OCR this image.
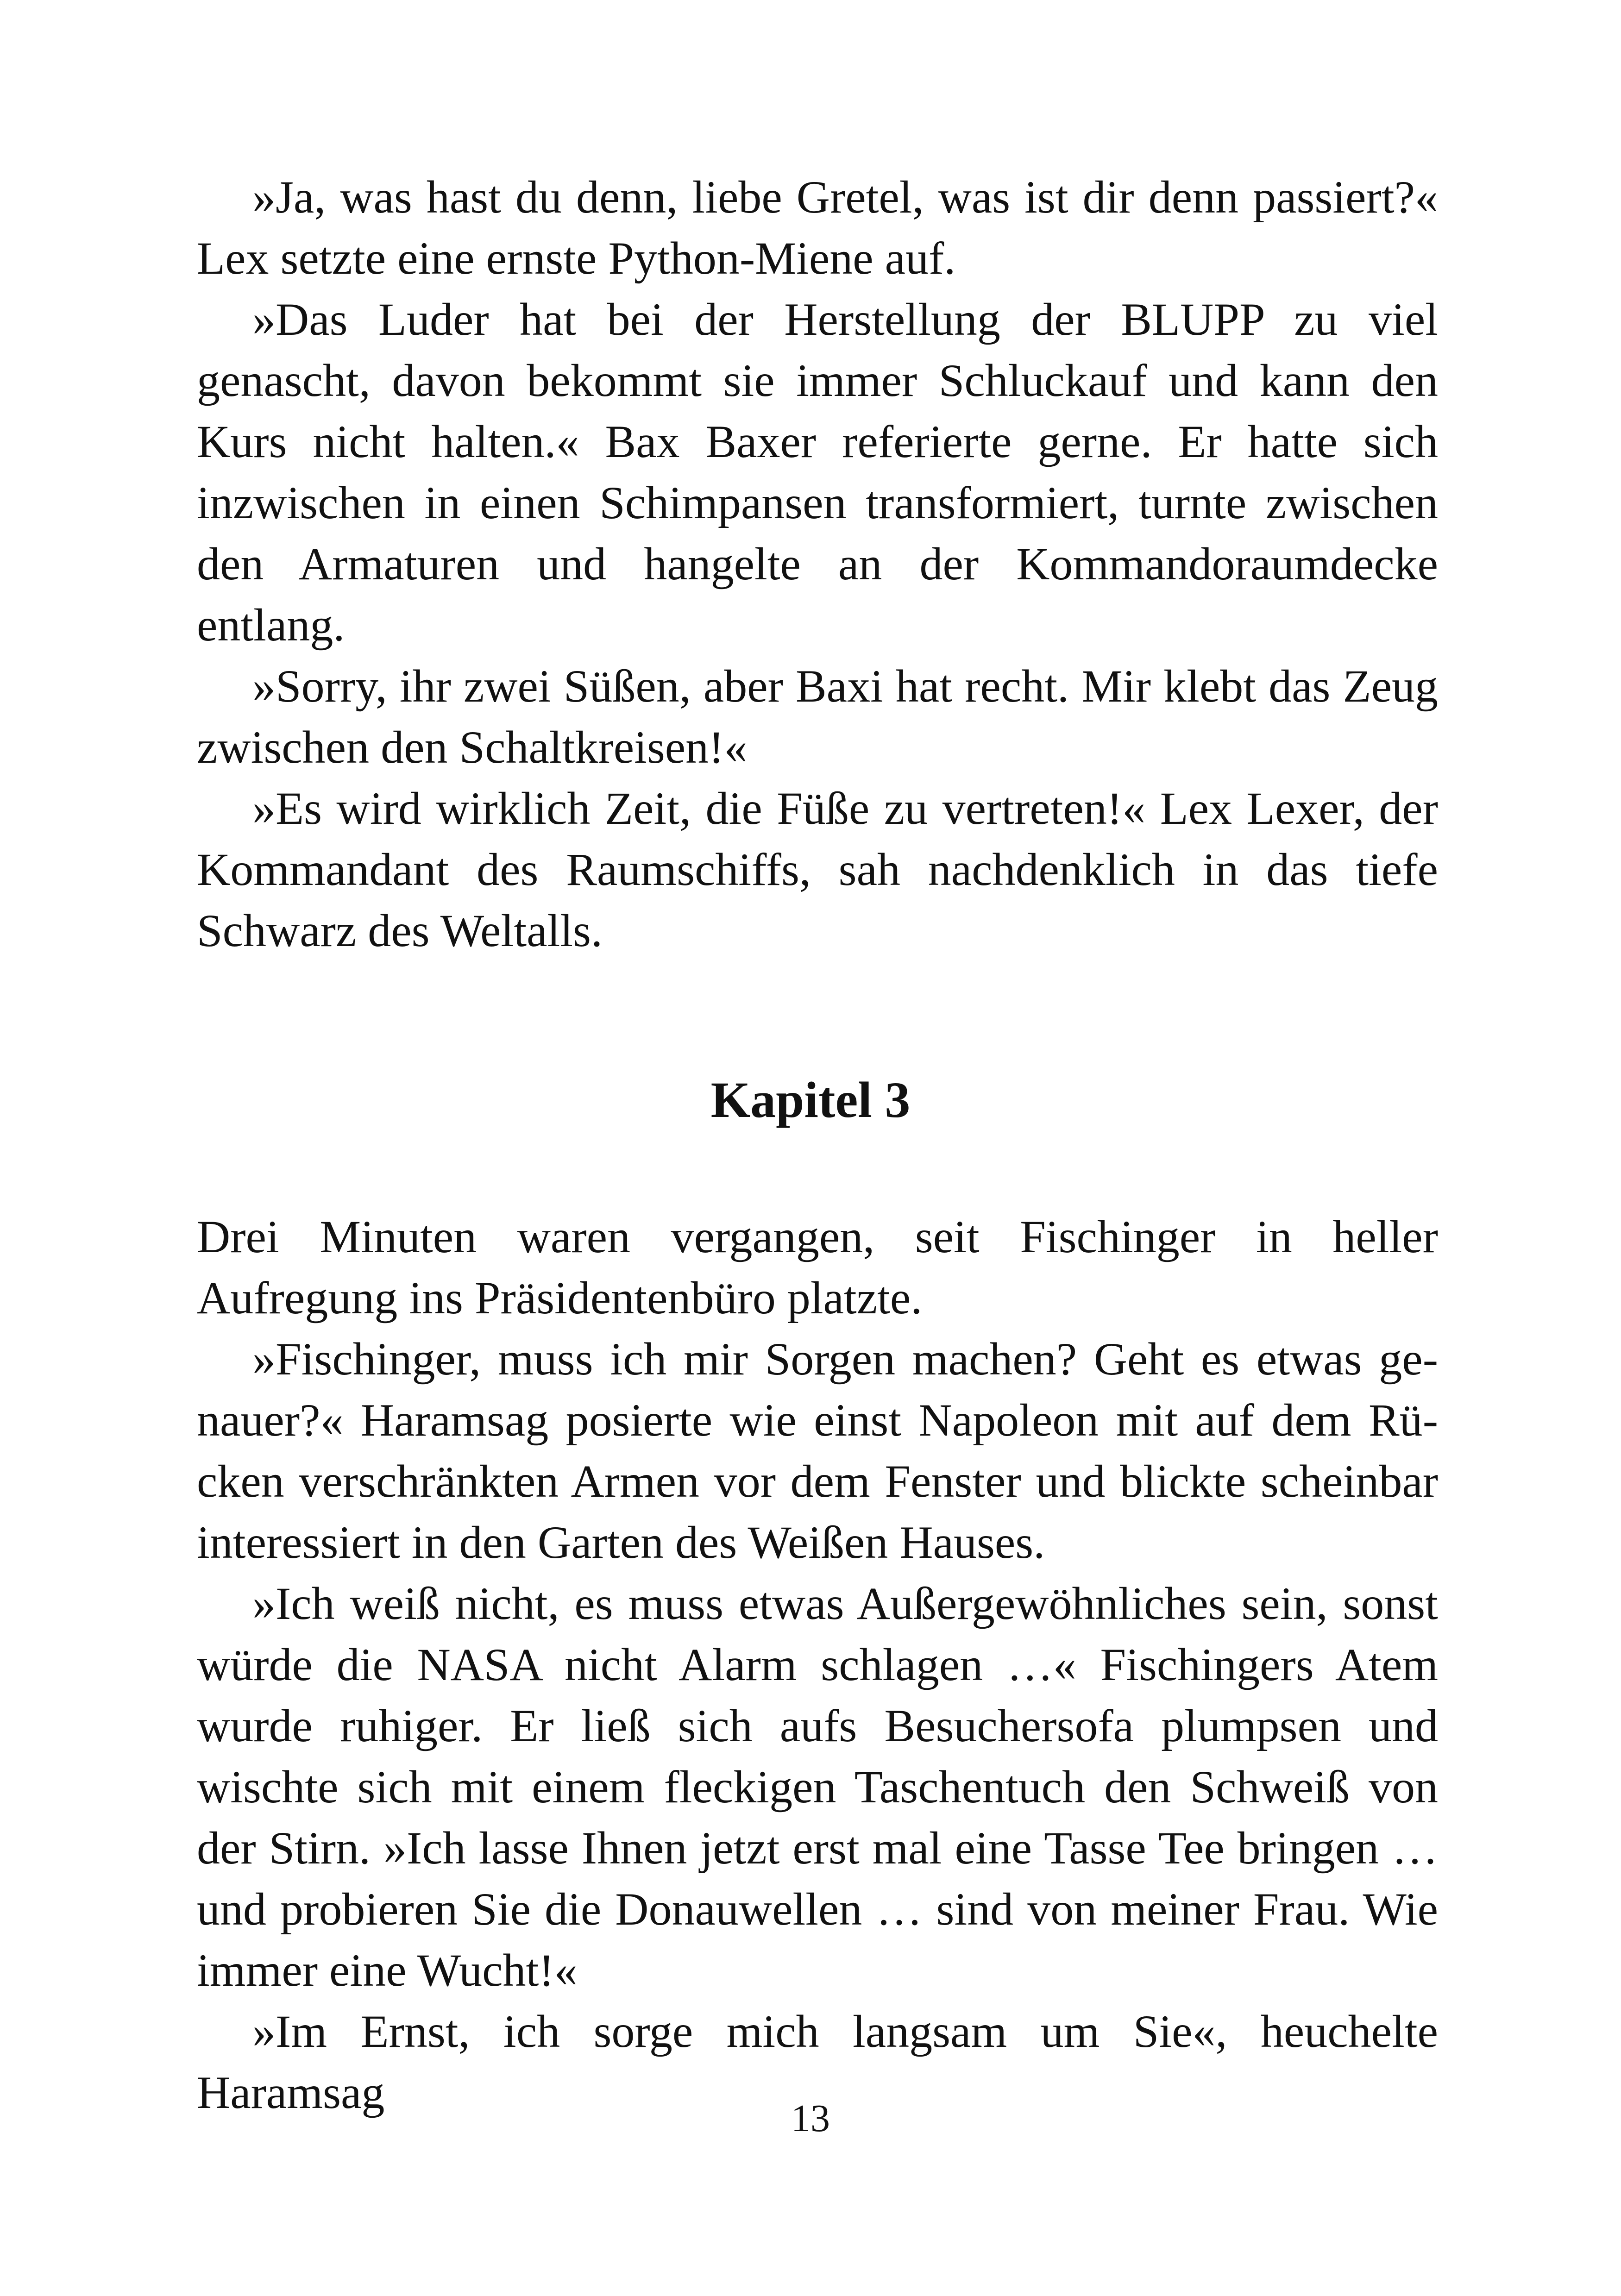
»Ja, was hast du denn, liebe Gretel, was ist dir denn passiert?« Lex setzte eine ernste Python-Miene auf.

»Das Luder hat bei der Herstellung der BLUPP zu viel genascht, davon bekommt sie immer Schluckauf und kann den Kurs nicht halten.« Bax Baxer referierte gerne. Er hatte sich inzwischen in einen Schimpansen transformiert, turnte zwischen den Armaturen und hangelte an der Kommandoraumdecke entlang.

»Sorry, ihr zwei Süßen, aber Baxi hat recht. Mir klebt das Zeug zwischen den Schaltkreisen!«

»Es wird wirklich Zeit, die Füße zu vertreten!« Lex Lexer, der Kommandant des Raumschiffs, sah nachdenklich in das tiefe Schwarz des Weltalls.

Kapitel 3

Drei Minuten waren vergangen, seit Fischinger in heller Aufregung ins Präsidentenbüro platzte.

»Fischinger, muss ich mir Sorgen machen? Geht es etwas genauer?« Haramsag posierte wie einst Napoleon mit auf dem Rücken verschränkten Armen vor dem Fenster und blickte scheinbar interessiert in den Garten des Weißen Hauses.

»Ich weiß nicht, es muss etwas Außergewöhnliches sein, sonst würde die NASA nicht Alarm schlagen …« Fischingers Atem wurde ruhiger. Er ließ sich aufs Besuchersofa plumpsen und wischte sich mit einem fleckigen Taschentuch den Schweiß von der Stirn. »Ich lasse Ihnen jetzt erst mal eine Tasse Tee bringen … und probieren Sie die Donauwellen … sind von meiner Frau. Wie immer eine Wucht!«

»Im Ernst, ich sorge mich langsam um Sie«, heuchelte Haramsag

13
